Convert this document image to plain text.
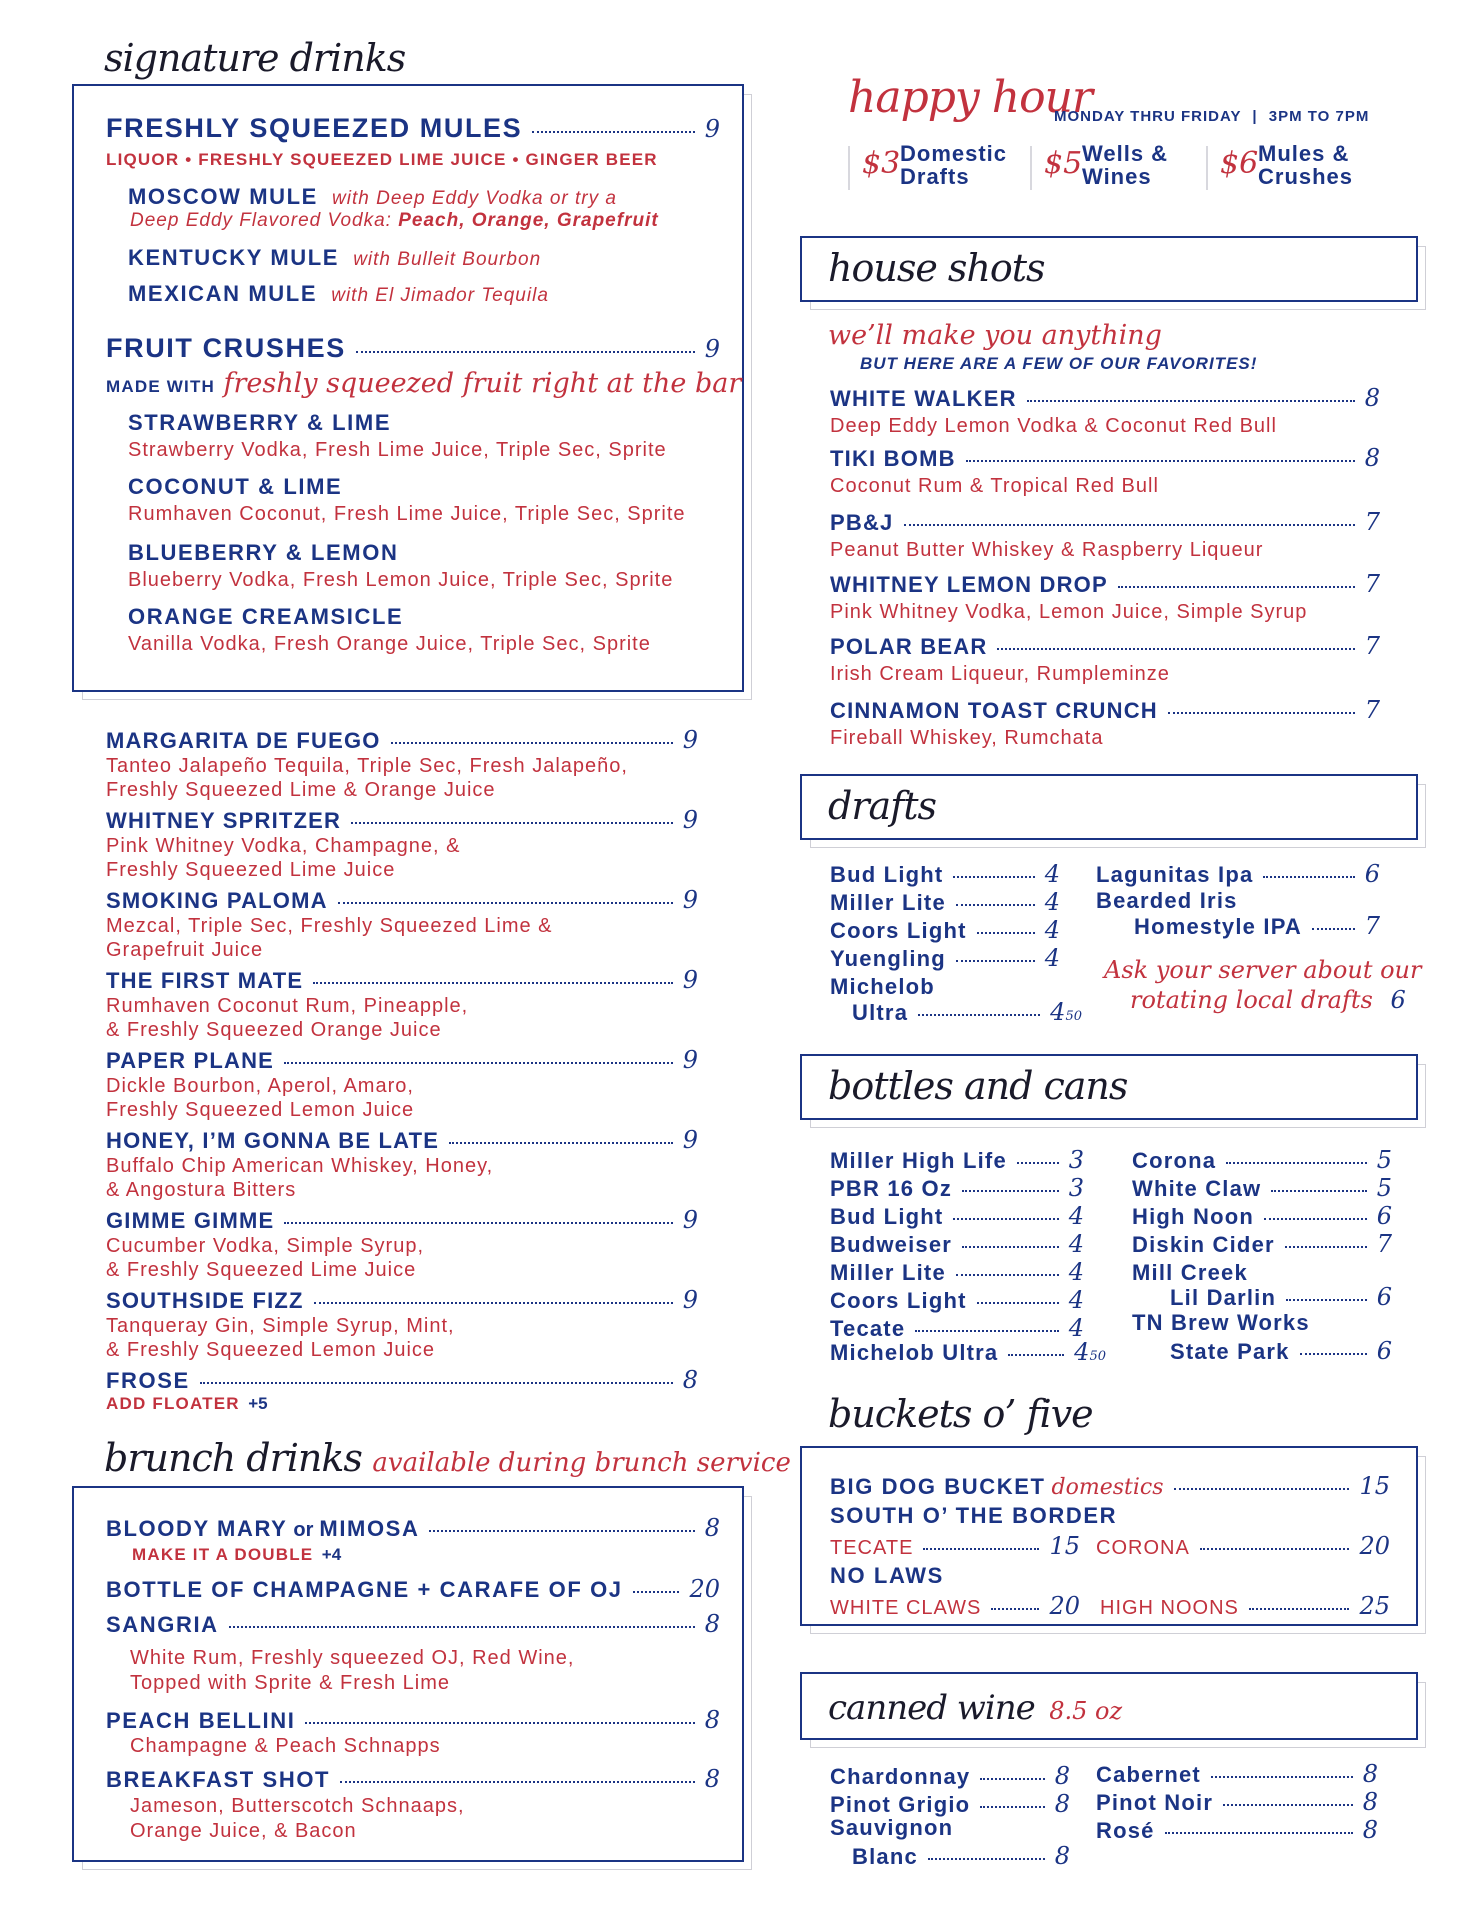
signature drinks
FRESHLY SQUEEZED MULES	9
LIQUOR • FRESHLY SQUEEZED LIME JUICE • GINGER BEER
MOSCOW MULE with Deep Eddy Vodka or try a
Deep Eddy Flavored Vodka: Peach, Orange, Grapefruit
KENTUCKY MULE with Bulleit Bourbon
MEXICAN MULE with El Jimador Tequila
FRUIT CRUSHES	9
MADE WITH freshly squeezed fruit right at the bar
STRAWBERRY & LIME
Strawberry Vodka, Fresh Lime Juice, Triple Sec, Sprite
COCONUT & LIME
Rumhaven Coconut, Fresh Lime Juice, Triple Sec, Sprite
BLUEBERRY & LEMON
Blueberry Vodka, Fresh Lemon Juice, Triple Sec, Sprite
ORANGE CREAMSICLE
Vanilla Vodka, Fresh Orange Juice, Triple Sec, Sprite
MARGARITA DE FUEGO	9
Tanteo Jalapeño Tequila, Triple Sec, Fresh Jalapeño,
Freshly Squeezed Lime & Orange Juice
WHITNEY SPRITZER	9
Pink Whitney Vodka, Champagne, &
Freshly Squeezed Lime Juice
SMOKING PALOMA	9
Mezcal, Triple Sec, Freshly Squeezed Lime &
Grapefruit Juice
THE FIRST MATE	9
Rumhaven Coconut Rum, Pineapple,
& Freshly Squeezed Orange Juice
PAPER PLANE	9
Dickle Bourbon, Aperol, Amaro,
Freshly Squeezed Lemon Juice
HONEY, I’M GONNA BE LATE	9
Buffalo Chip American Whiskey, Honey,
& Angostura Bitters
GIMME GIMME	9
Cucumber Vodka, Simple Syrup,
& Freshly Squeezed Lime Juice
SOUTHSIDE FIZZ	9
Tanqueray Gin, Simple Syrup, Mint,
& Freshly Squeezed Lemon Juice
FROSE	8
ADD FLOATER +5
brunch drinks available during brunch service
BLOODY MARY or MIMOSA	8
MAKE IT A DOUBLE +4
BOTTLE OF CHAMPAGNE + CARAFE OF OJ	20
SANGRIA	8
White Rum, Freshly squeezed OJ, Red Wine,
Topped with Sprite & Fresh Lime
PEACH BELLINI	8
Champagne & Peach Schnapps
BREAKFAST SHOT	8
Jameson, Butterscotch Schnaaps,
Orange Juice, & Bacon
happy hour
MONDAY THRU FRIDAY | 3PM TO 7PM
$3 Domestic
Drafts $5 Wells &
Wines $6 Mules &
Crushes
house shots
we’ll make you anything
BUT HERE ARE A FEW OF OUR FAVORITES!
WHITE WALKER	8
Deep Eddy Lemon Vodka & Coconut Red Bull
TIKI BOMB	8
Coconut Rum & Tropical Red Bull
PB&J	7
Peanut Butter Whiskey & Raspberry Liqueur
WHITNEY LEMON DROP	7
Pink Whitney Vodka, Lemon Juice, Simple Syrup
POLAR BEAR	7
Irish Cream Liqueur, Rumpleminze
CINNAMON TOAST CRUNCH	7
Fireball Whiskey, Rumchata
drafts
Bud Light	4
Miller Lite	4
Coors Light	4
Yuengling	4
Michelob
Ultra	$4_{50}$
Lagunitas Ipa	6
Bearded Iris
Homestyle IPA	7
Ask your server about our
rotating local drafts 6
bottles and cans
Miller High Life	3
PBR 16 Oz	3
Bud Light	4
Budweiser	4
Miller Lite	4
Coors Light	4
Tecate	4
Corona	5
White Claw	5
High Noon	6
Diskin Cider	7
Michelob Ultra	$4_{50}$
Mill Creek
Lil Darlin	6
TN Brew Works
State Park	6
buckets o’ five
BIG DOG BUCKET domestics	15
SOUTH O’ THE BORDER
TECATE	15 CORONA	20
NO LAWS
WHITE CLAWS	20 HIGH NOONS	25
canned wine 8.5 oz
Chardonnay	8
Pinot Grigio	8
Cabernet	8
Pinot Noir	8
Rosé	8
Sauvignon
Blanc	8
